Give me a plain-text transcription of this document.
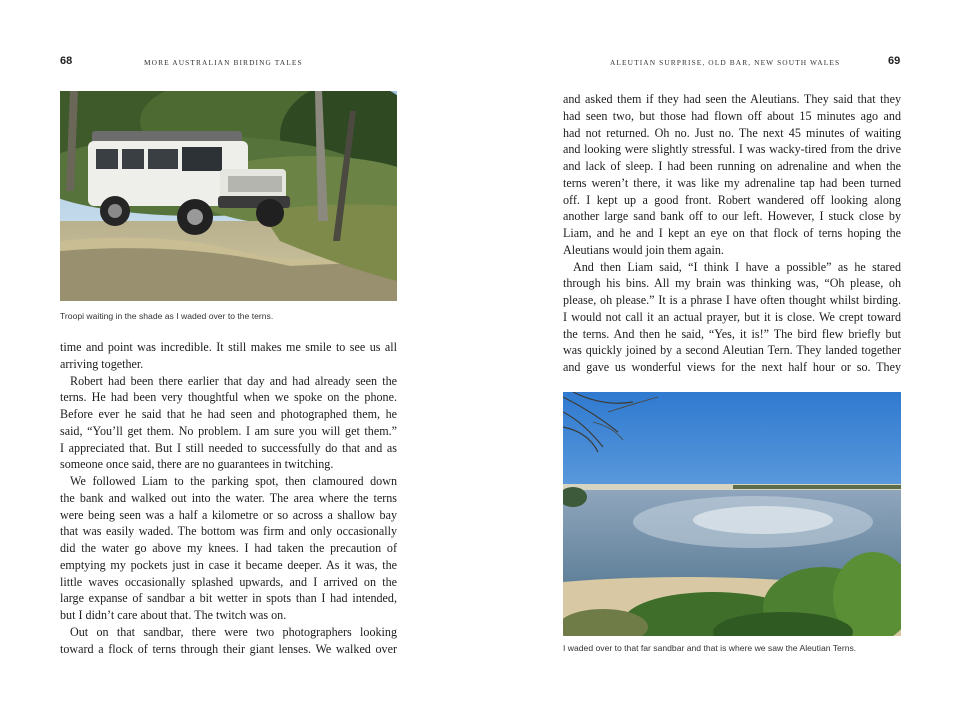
68	MORE AUSTRALIAN BIRDING TALES
Troopi waiting in the shade as I waded over to the terns.
time and point was incredible. It still makes me smile to see us all
arriving together.
Robert had been there earlier that day and had already seen the
terns. He had been very thoughtful when we spoke on the phone.
Before ever he said that he had seen and photographed them, he
said, “You’ll get them. No problem. I am sure you will get them.”
I appreciated that. But I still needed to successfully do that and as
someone once said, there are no guarantees in twitching.
We followed Liam to the parking spot, then clamoured down
the bank and walked out into the water. The area where the terns
were being seen was a half a kilometre or so across a shallow bay
that was easily waded. The bottom was firm and only occasionally
did the water go above my knees. I had taken the precaution of
emptying my pockets just in case it became deeper. As it was, the
little waves occasionally splashed upwards, and I arrived on the
large expanse of sandbar a bit wetter in spots than I had intended,
but I didn’t care about that. The twitch was on.
Out on that sandbar, there were two photographers looking
toward a flock of terns through their giant lenses. We walked over
ALEUTIAN SURPRISE, OLD BAR, NEW SOUTH WALES	69
and asked them if they had seen the Aleutians. They said that they
had seen two, but those had flown off about 15 minutes ago and
had not returned. Oh no. Just no. The next 45 minutes of waiting
and looking were slightly stressful. I was wacky-tired from the drive
and lack of sleep. I had been running on adrenaline and when the
terns weren’t there, it was like my adrenaline tap had been turned
off. I kept up a good front. Robert wandered off looking along
another large sand bank off to our left. However, I stuck close by
Liam, and he and I kept an eye on that flock of terns hoping the
Aleutians would join them again.
And then Liam said, “I think I have a possible” as he stared
through his bins. All my brain was thinking was, “Oh please, oh
please, oh please.” It is a phrase I have often thought whilst birding.
I would not call it an actual prayer, but it is close. We crept toward
the terns. And then he said, “Yes, it is!” The bird flew briefly but
was quickly joined by a second Aleutian Tern. They landed together
and gave us wonderful views for the next half hour or so. They
I waded over to that far sandbar and that is where we saw the Aleutian Terns.
